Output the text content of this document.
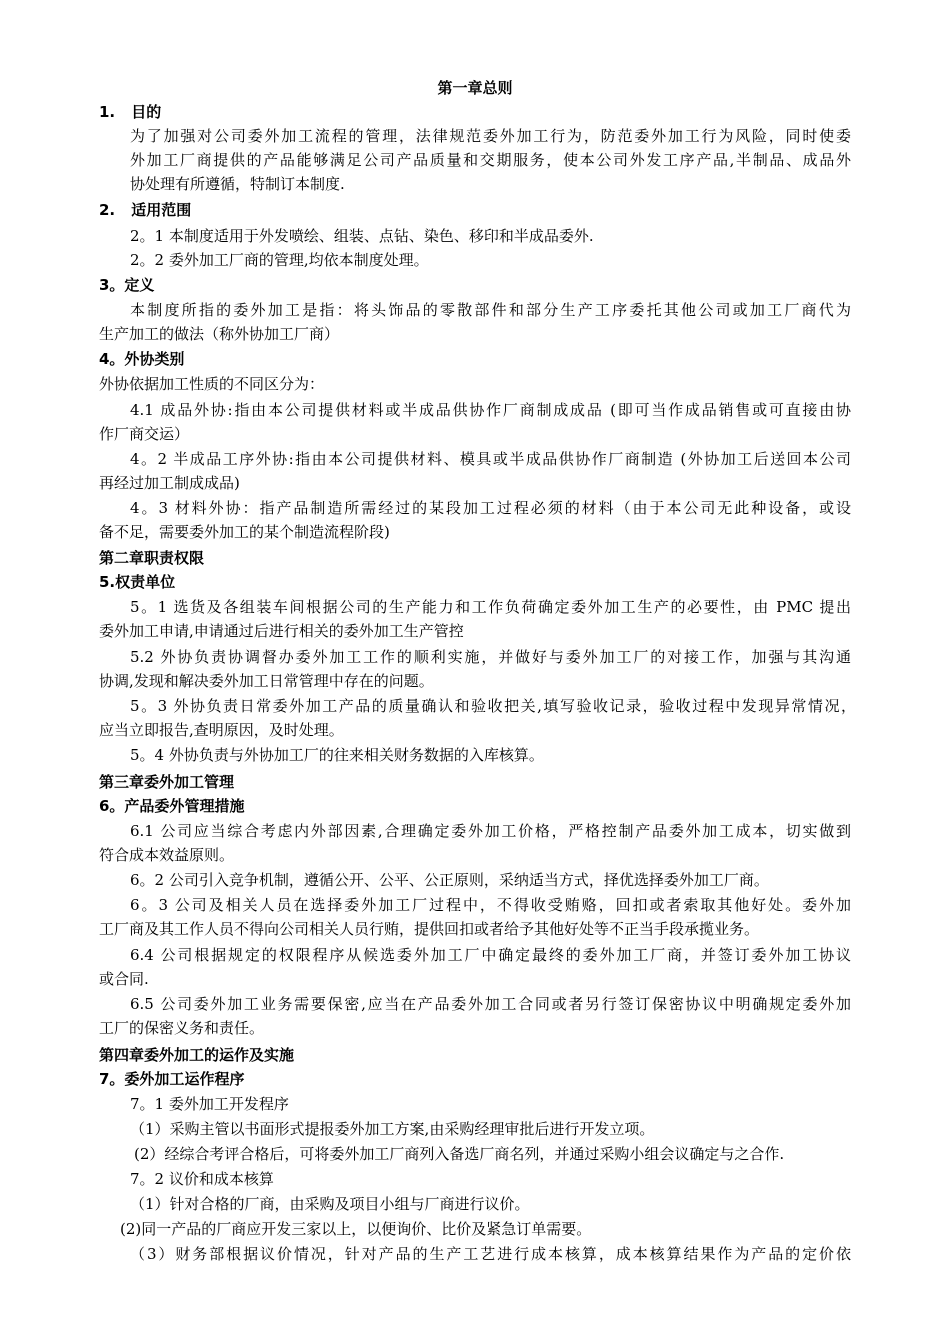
第一章总则
1. 目的
为了加强对公司委外加工流程的管理，法律规范委外加工行为，防范委外加工行为风险，同时使委
外加工厂商提供的产品能够满足公司产品质量和交期服务，使本公司外发工序产品,半制品、成品外
协处理有所遵循，特制订本制度.
2. 适用范围
2。1 本制度适用于外发喷绘、组装、点钻、染色、移印和半成品委外.
2。2 委外加工厂商的管理,均依本制度处理。
3。定义
本制度所指的委外加工是指：将头饰品的零散部件和部分生产工序委托其他公司或加工厂商代为
生产加工的做法（称外协加工厂商）
4。外协类别
外协依据加工性质的不同区分为：
4.1 成品外协:指由本公司提供材料或半成品供协作厂商制成成品 (即可当作成品销售或可直接由协
作厂商交运）
4。2 半成品工序外协:指由本公司提供材料、模具或半成品供协作厂商制造 (外协加工后送回本公司
再经过加工制成成品)
4。3 材料外协：指产品制造所需经过的某段加工过程必须的材料（由于本公司无此种设备，或设
备不足，需要委外加工的某个制造流程阶段)
第二章职责权限
5.权责单位
5。1 选货及各组装车间根据公司的生产能力和工作负荷确定委外加工生产的必要性，由 PMC 提出
委外加工申请,申请通过后进行相关的委外加工生产管控
5.2 外协负责协调督办委外加工工作的顺利实施，并做好与委外加工厂的对接工作，加强与其沟通
协调,发现和解决委外加工日常管理中存在的问题。
5。3 外协负责日常委外加工产品的质量确认和验收把关,填写验收记录，验收过程中发现异常情况，
应当立即报告,查明原因，及时处理。
5。4 外协负责与外协加工厂的往来相关财务数据的入库核算。
第三章委外加工管理
6。产品委外管理措施
6.1 公司应当综合考虑内外部因素,合理确定委外加工价格，严格控制产品委外加工成本，切实做到
符合成本效益原则。
6。2 公司引入竞争机制，遵循公开、公平、公正原则，采纳适当方式，择优选择委外加工厂商。
6。3 公司及相关人员在选择委外加工厂过程中，不得收受贿赂，回扣或者索取其他好处。委外加
工厂商及其工作人员不得向公司相关人员行贿，提供回扣或者给予其他好处等不正当手段承揽业务。
6.4 公司根据规定的权限程序从候选委外加工厂中确定最终的委外加工厂商，并签订委外加工协议
或合同.
6.5 公司委外加工业务需要保密,应当在产品委外加工合同或者另行签订保密协议中明确规定委外加
工厂的保密义务和责任。
第四章委外加工的运作及实施
7。委外加工运作程序
7。1 委外加工开发程序
（1）采购主管以书面形式提报委外加工方案,由采购经理审批后进行开发立项。
(2）经综合考评合格后，可将委外加工厂商列入备选厂商名列，并通过采购小组会议确定与之合作.
7。2 议价和成本核算
（1）针对合格的厂商，由采购及项目小组与厂商进行议价。
(2)同一产品的厂商应开发三家以上，以便询价、比价及紧急订单需要。
（3）财务部根据议价情况，针对产品的生产工艺进行成本核算，成本核算结果作为产品的定价依
